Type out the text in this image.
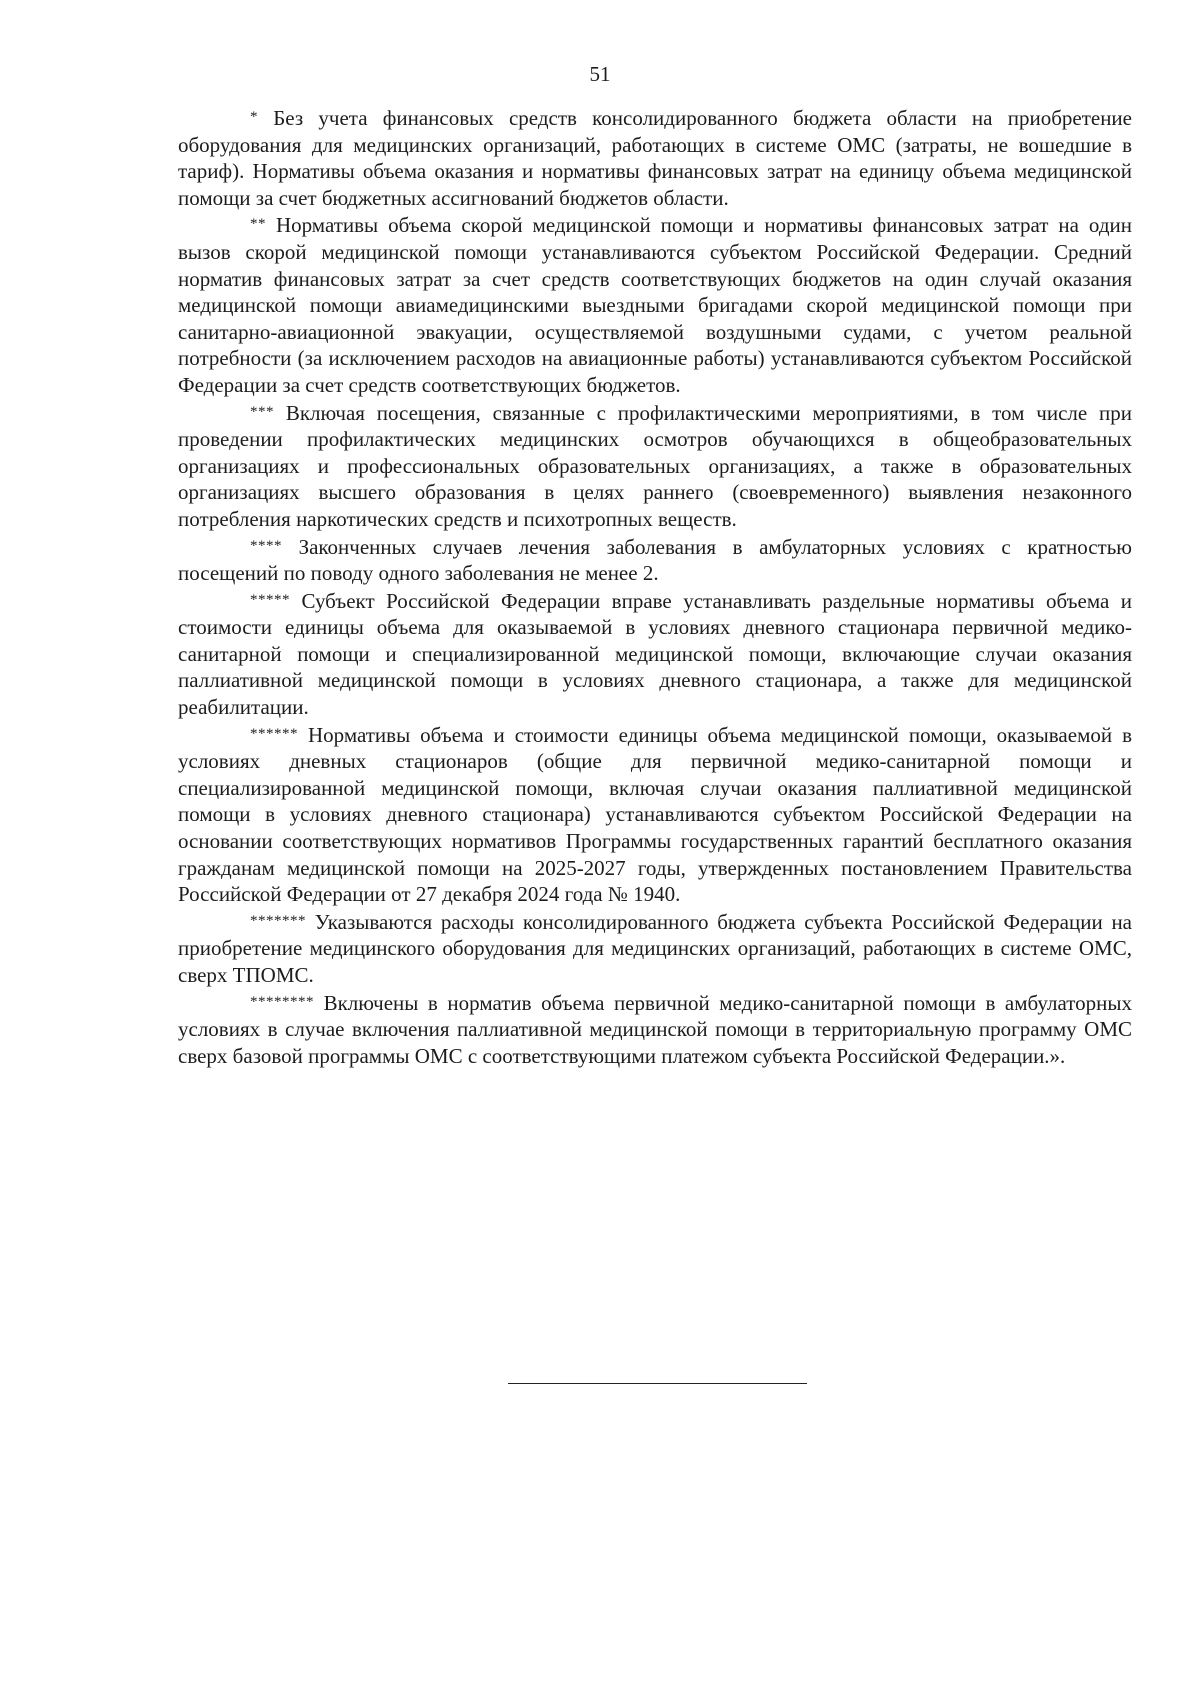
51

* Без учета финансовых средств консолидированного бюджета области на приобретение оборудования для медицинских организаций, работающих в системе ОМС (затраты, не вошедшие в тариф). Нормативы объема оказания и нормативы финансовых затрат на единицу объема медицинской помощи за счет бюджетных ассигнований бюджетов области.

** Нормативы объема скорой медицинской помощи и нормативы финансовых затрат на один вызов скорой медицинской помощи устанавливаются субъектом Российской Федерации. Средний норматив финансовых затрат за счет средств соответствующих бюджетов на один случай оказания медицинской помощи авиамедицинскими выездными бригадами скорой медицинской помощи при санитарно-авиационной эвакуации, осуществляемой воздушными судами, с учетом реальной потребности (за исключением расходов на авиационные работы) устанавливаются субъектом Российской Федерации за счет средств соответствующих бюджетов.

*** Включая посещения, связанные с профилактическими мероприятиями, в том числе при проведении профилактических медицинских осмотров обучающихся в общеобразовательных организациях и профессиональных образовательных организациях, а также в образовательных организациях высшего образования в целях раннего (своевременного) выявления незаконного потребления наркотических средств и психотропных веществ.

**** Законченных случаев лечения заболевания в амбулаторных условиях с кратностью посещений по поводу одного заболевания не менее 2.

***** Субъект Российской Федерации вправе устанавливать раздельные нормативы объема и стоимости единицы объема для оказываемой в условиях дневного стационара первичной медико-санитарной помощи и специализированной медицинской помощи, включающие случаи оказания паллиативной медицинской помощи в условиях дневного стационара, а также для медицинской реабилитации.

****** Нормативы объема и стоимости единицы объема медицинской помощи, оказываемой в условиях дневных стационаров (общие для первичной медико-санитарной помощи и специализированной медицинской помощи, включая случаи оказания паллиативной медицинской помощи в условиях дневного стационара) устанавливаются субъектом Российской Федерации на основании соответствующих нормативов Программы государственных гарантий бесплатного оказания гражданам медицинской помощи на 2025-2027 годы, утвержденных постановлением Правительства Российской Федерации от 27 декабря 2024 года № 1940.

******* Указываются расходы консолидированного бюджета субъекта Российской Федерации на приобретение медицинского оборудования для медицинских организаций, работающих в системе ОМС, сверх ТПОМС.

******** Включены в норматив объема первичной медико-санитарной помощи в амбулаторных условиях в случае включения паллиативной медицинской помощи в территориальную программу ОМС сверх базовой программы ОМС с соответствующими платежом субъекта Российской Федерации.».
